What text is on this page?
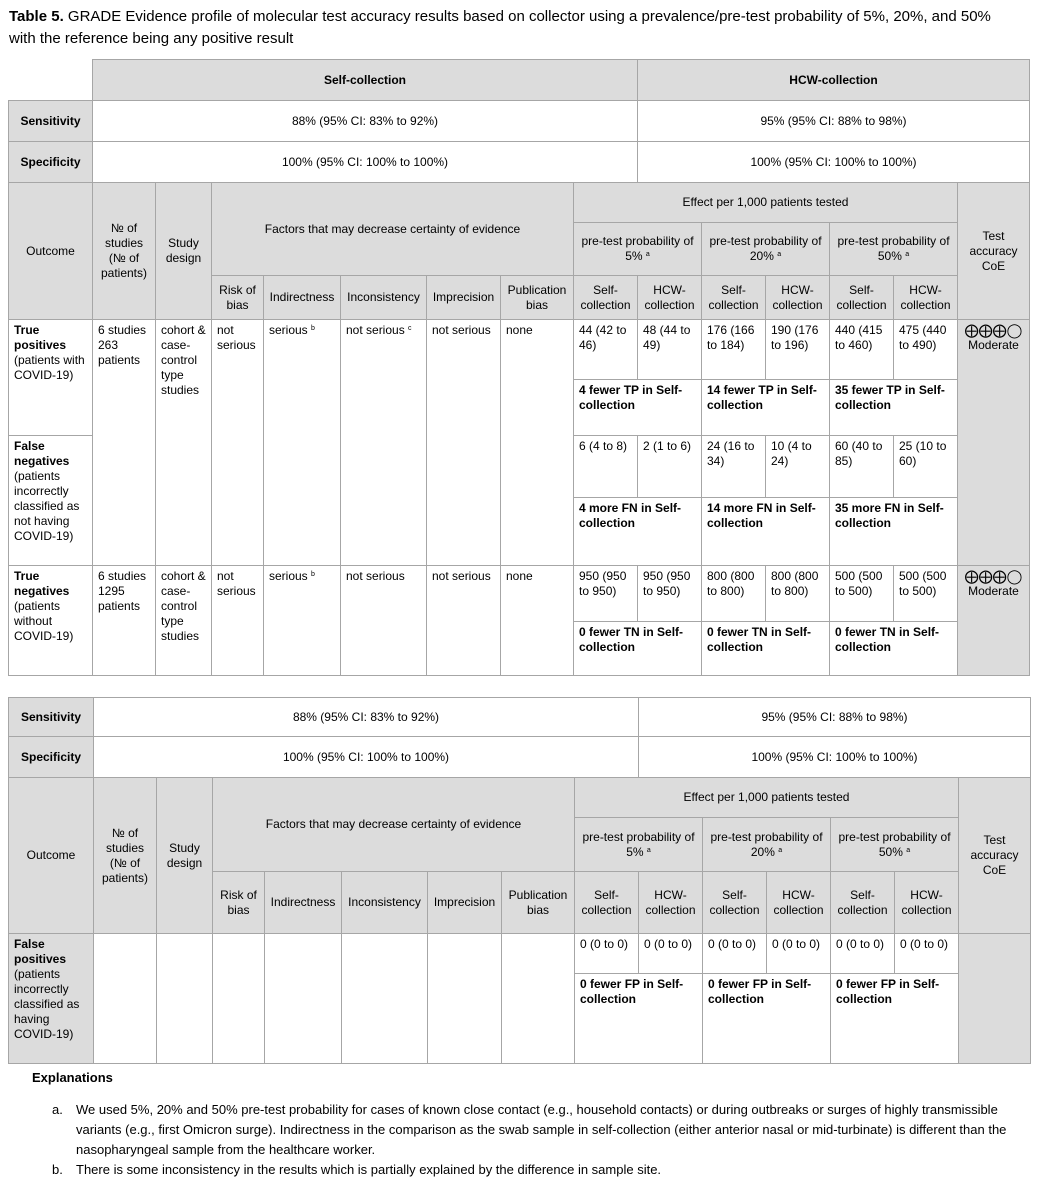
Table 5. GRADE Evidence profile of molecular test accuracy results based on collector using a prevalence/pre-test probability of 5%, 20%, and 50% with the reference being any positive result
	Self-collection								HCW-collection					
Sensitivity	88% (95% CI: 83% to 92%)								95% (95% CI: 88% to 98%)					
Specificity	100% (95% CI: 100% to 100%)								100% (95% CI: 100% to 100%)					
Outcome	№ of studies (№ of patients)	Study design	Factors that may decrease certainty of evidence					Effect per 1,000 patients tested						Test accuracy CoE
								pre-test probability of 5% $^a$		pre-test probability of 20% $^a$		pre-test probability of 50% $^a$
			Risk of bias	Indirectness	Inconsistency	Imprecision	Publication bias	Self-collection	HCW-collection	Self-collection	HCW-collection	Self-collection	HCW-collection	
True positives (patients with COVID-19)	6 studies 263 patients	cohort & case-control type studies	not serious	serious $^b$	not serious $^c$	not serious	none	44 (42 to 46)	48 (44 to 49)	176 (166 to 184)	190 (176 to 196)	440 (415 to 460)	475 (440 to 490)	⨁⨁⨁◯
Moderate
								4 fewer TP in Self-collection		14 fewer TP in Self-collection		35 fewer TP in Self-collection		
False negatives (patients incorrectly classified as not having COVID-19)								6 (4 to 8)	2 (1 to 6)	24 (16 to 34)	10 (4 to 24)	60 (40 to 85)	25 (10 to 60)	
								4 more FN in Self-collection		14 more FN in Self-collection		35 more FN in Self-collection		
True negatives (patients without COVID-19)	6 studies 1295 patients	cohort & case-control type studies	not serious	serious $^b$	not serious	not serious	none	950 (950 to 950)	950 (950 to 950)	800 (800 to 800)	800 (800 to 800)	500 (500 to 500)	500 (500 to 500)	⨁⨁⨁◯
Moderate
								0 fewer TN in Self-collection		0 fewer TN in Self-collection		0 fewer TN in Self-collection		
Sensitivity	88% (95% CI: 83% to 92%)								95% (95% CI: 88% to 98%)					
Specificity	100% (95% CI: 100% to 100%)								100% (95% CI: 100% to 100%)					
Outcome	№ of studies (№ of patients)	Study design	Factors that may decrease certainty of evidence					Effect per 1,000 patients tested						Test accuracy CoE
								pre-test probability of 5% $^a$		pre-test probability of 20% $^a$		pre-test probability of 50% $^a$
			Risk of bias	Indirectness	Inconsistency	Imprecision	Publication bias	Self-collection	HCW-collection	Self-collection	HCW-collection	Self-collection	HCW-collection	
False positives (patients incorrectly classified as having COVID-19)								0 (0 to 0)	0 (0 to 0)	0 (0 to 0)	0 (0 to 0)	0 (0 to 0)	0 (0 to 0)	
								0 fewer FP in Self-collection		0 fewer FP in Self-collection		0 fewer FP in Self-collection		
Explanations
a. We used 5%, 20% and 50% pre-test probability for cases of known close contact (e.g., household contacts) or during outbreaks or surges of highly transmissible variants (e.g., first Omicron surge). Indirectness in the comparison as the swab sample in self-collection (either anterior nasal or mid-turbinate) is different than the nasopharyngeal sample from the healthcare worker.
b. There is some inconsistency in the results which is partially explained by the difference in sample site.
